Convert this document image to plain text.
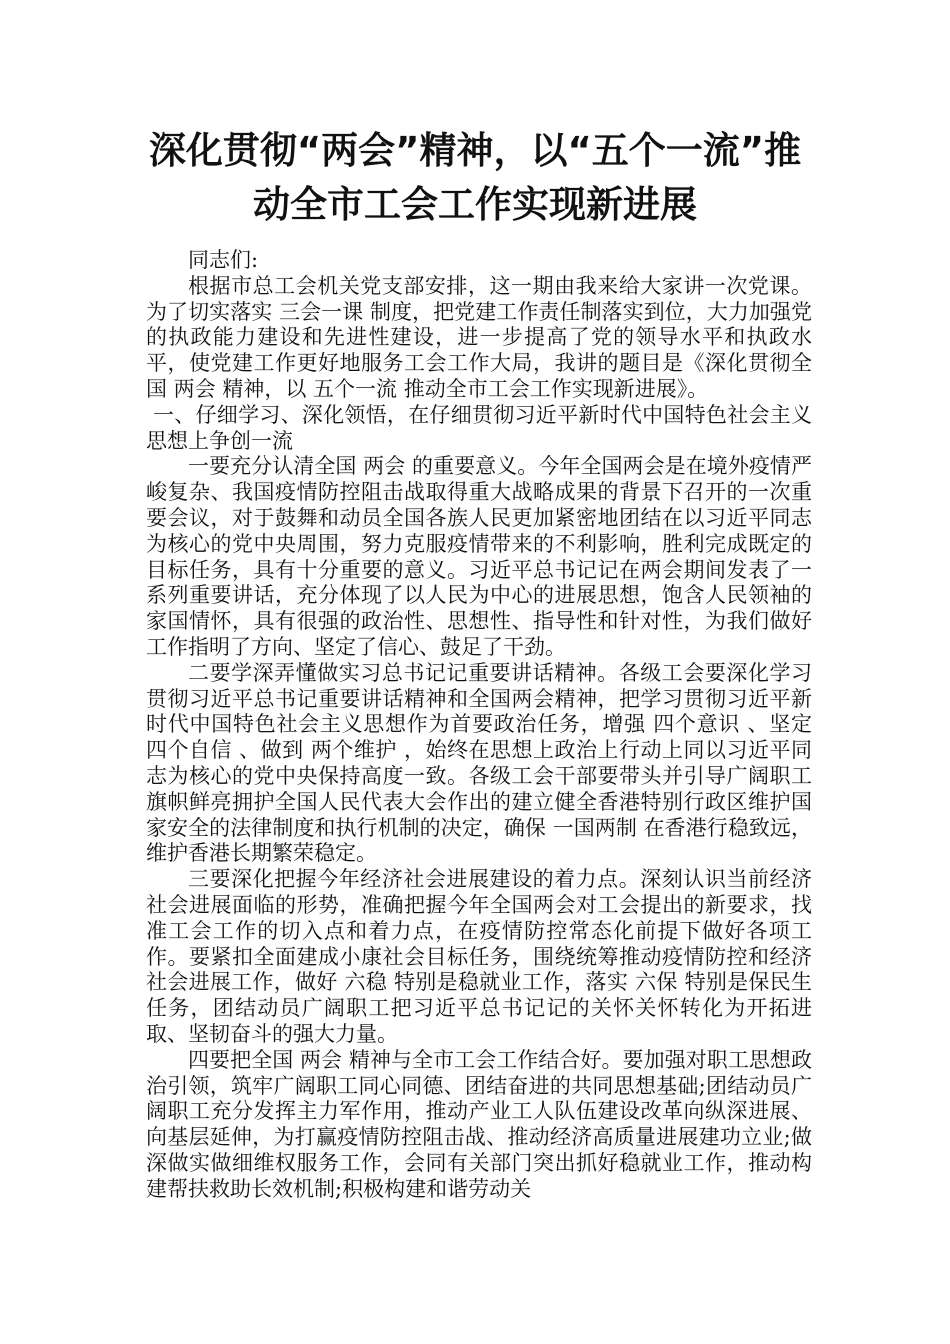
深化贯彻“两会”精神，以“五个一流”推动全市工会工作实现新进展

同志们:

根据市总工会机关党支部安排，这一期由我来给大家讲一次党课。为了切实落实 三会一课 制度，把党建工作责任制落实到位，大力加强党的执政能力建设和先进性建设，进一步提高了党的领导水平和执政水平，使党建工作更好地服务工会工作大局，我讲的题目是《深化贯彻全国 两会 精神，以 五个一流 推动全市工会工作实现新进展》。

一、仔细学习、深化领悟，在仔细贯彻习近平新时代中国特色社会主义思想上争创一流

一要充分认清全国 两会 的重要意义。今年全国两会是在境外疫情严峻复杂、我国疫情防控阻击战取得重大战略成果的背景下召开的一次重要会议，对于鼓舞和动员全国各族人民更加紧密地团结在以习近平同志为核心的党中央周围，努力克服疫情带来的不利影响，胜利完成既定的目标任务，具有十分重要的意义。习近平总书记记在两会期间发表了一系列重要讲话，充分体现了以人民为中心的进展思想，饱含人民领袖的家国情怀，具有很强的政治性、思想性、指导性和针对性，为我们做好工作指明了方向、坚定了信心、鼓足了干劲。

二要学深弄懂做实习总书记记重要讲话精神。各级工会要深化学习贯彻习近平总书记重要讲话精神和全国两会精神，把学习贯彻习近平新时代中国特色社会主义思想作为首要政治任务，增强 四个意识 、坚定 四个自信 、做到 两个维护 ，始终在思想上政治上行动上同以习近平同志为核心的党中央保持高度一致。各级工会干部要带头并引导广阔职工旗帜鲜亮拥护全国人民代表大会作出的建立健全香港特别行政区维护国家安全的法律制度和执行机制的决定，确保 一国两制 在香港行稳致远，维护香港长期繁荣稳定。

三要深化把握今年经济社会进展建设的着力点。深刻认识当前经济社会进展面临的形势，准确把握今年全国两会对工会提出的新要求，找准工会工作的切入点和着力点，在疫情防控常态化前提下做好各项工作。要紧扣全面建成小康社会目标任务，围绕统筹推动疫情防控和经济社会进展工作，做好 六稳 特别是稳就业工作，落实 六保 特别是保民生任务，团结动员广阔职工把习近平总书记记的关怀关怀转化为开拓进取、坚韧奋斗的强大力量。

四要把全国 两会 精神与全市工会工作结合好。要加强对职工思想政治引领，筑牢广阔职工同心同德、团结奋进的共同思想基础;团结动员广阔职工充分发挥主力军作用，推动产业工人队伍建设改革向纵深进展、向基层延伸，为打赢疫情防控阻击战、推动经济高质量进展建功立业;做深做实做细维权服务工作，会同有关部门突出抓好稳就业工作，推动构建帮扶救助长效机制;积极构建和谐劳动关
